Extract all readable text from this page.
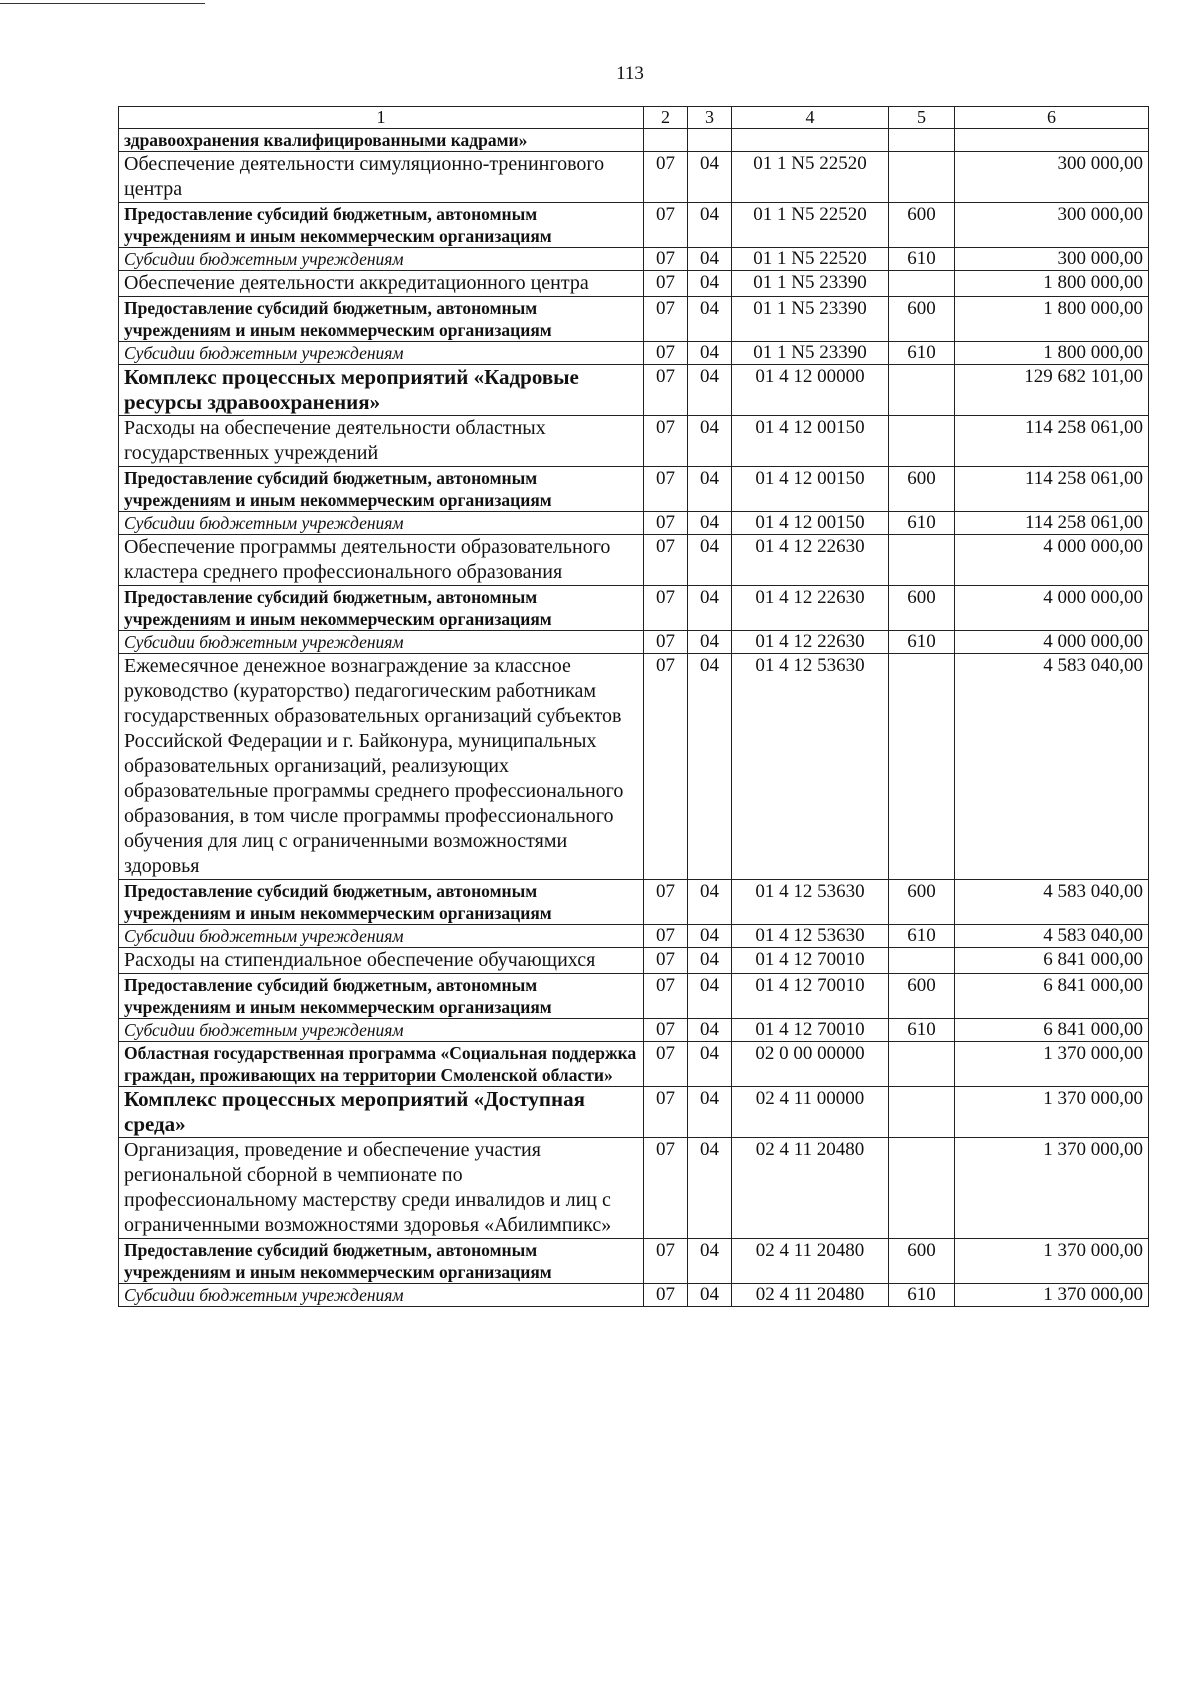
113
1	2	3	4	5	6
здравоохранения квалифицированными кадрами»					
Обеспечение деятельности симуляционно-тренингового центра	07	04	01 1 N5 22520		300 000,00
Предоставление субсидий бюджетным, автономным учреждениям и иным некоммерческим организациям	07	04	01 1 N5 22520	600	300 000,00
Субсидии бюджетным учреждениям	07	04	01 1 N5 22520	610	300 000,00
Обеспечение деятельности аккредитационного центра	07	04	01 1 N5 23390		1 800 000,00
Предоставление субсидий бюджетным, автономным учреждениям и иным некоммерческим организациям	07	04	01 1 N5 23390	600	1 800 000,00
Субсидии бюджетным учреждениям	07	04	01 1 N5 23390	610	1 800 000,00
Комплекс процессных мероприятий «Кадровые ресурсы здравоохранения»	07	04	01 4 12 00000		129 682 101,00
Расходы на обеспечение деятельности областных государственных учреждений	07	04	01 4 12 00150		114 258 061,00
Предоставление субсидий бюджетным, автономным учреждениям и иным некоммерческим организациям	07	04	01 4 12 00150	600	114 258 061,00
Субсидии бюджетным учреждениям	07	04	01 4 12 00150	610	114 258 061,00
Обеспечение программы деятельности образовательного кластера среднего профессионального образования	07	04	01 4 12 22630		4 000 000,00
Предоставление субсидий бюджетным, автономным учреждениям и иным некоммерческим организациям	07	04	01 4 12 22630	600	4 000 000,00
Субсидии бюджетным учреждениям	07	04	01 4 12 22630	610	4 000 000,00
Ежемесячное денежное вознаграждение за классное руководство (кураторство) педагогическим работникам государственных образовательных организаций субъектов Российской Федерации и г. Байконура, муниципальных образовательных организаций, реализующих образовательные программы среднего профессионального образования, в том числе программы профессионального обучения для лиц с ограниченными возможностями здоровья	07	04	01 4 12 53630		4 583 040,00
Предоставление субсидий бюджетным, автономным учреждениям и иным некоммерческим организациям	07	04	01 4 12 53630	600	4 583 040,00
Субсидии бюджетным учреждениям	07	04	01 4 12 53630	610	4 583 040,00
Расходы на стипендиальное обеспечение обучающихся	07	04	01 4 12 70010		6 841 000,00
Предоставление субсидий бюджетным, автономным учреждениям и иным некоммерческим организациям	07	04	01 4 12 70010	600	6 841 000,00
Субсидии бюджетным учреждениям	07	04	01 4 12 70010	610	6 841 000,00
Областная государственная программа «Социальная поддержка граждан, проживающих на территории Смоленской области»	07	04	02 0 00 00000		1 370 000,00
Комплекс процессных мероприятий «Доступная среда»	07	04	02 4 11 00000		1 370 000,00
Организация, проведение и обеспечение участия региональной сборной в чемпионате по профессиональному мастерству среди инвалидов и лиц с ограниченными возможностями здоровья «Абилимпикс»	07	04	02 4 11 20480		1 370 000,00
Предоставление субсидий бюджетным, автономным учреждениям и иным некоммерческим организациям	07	04	02 4 11 20480	600	1 370 000,00
Субсидии бюджетным учреждениям	07	04	02 4 11 20480	610	1 370 000,00
